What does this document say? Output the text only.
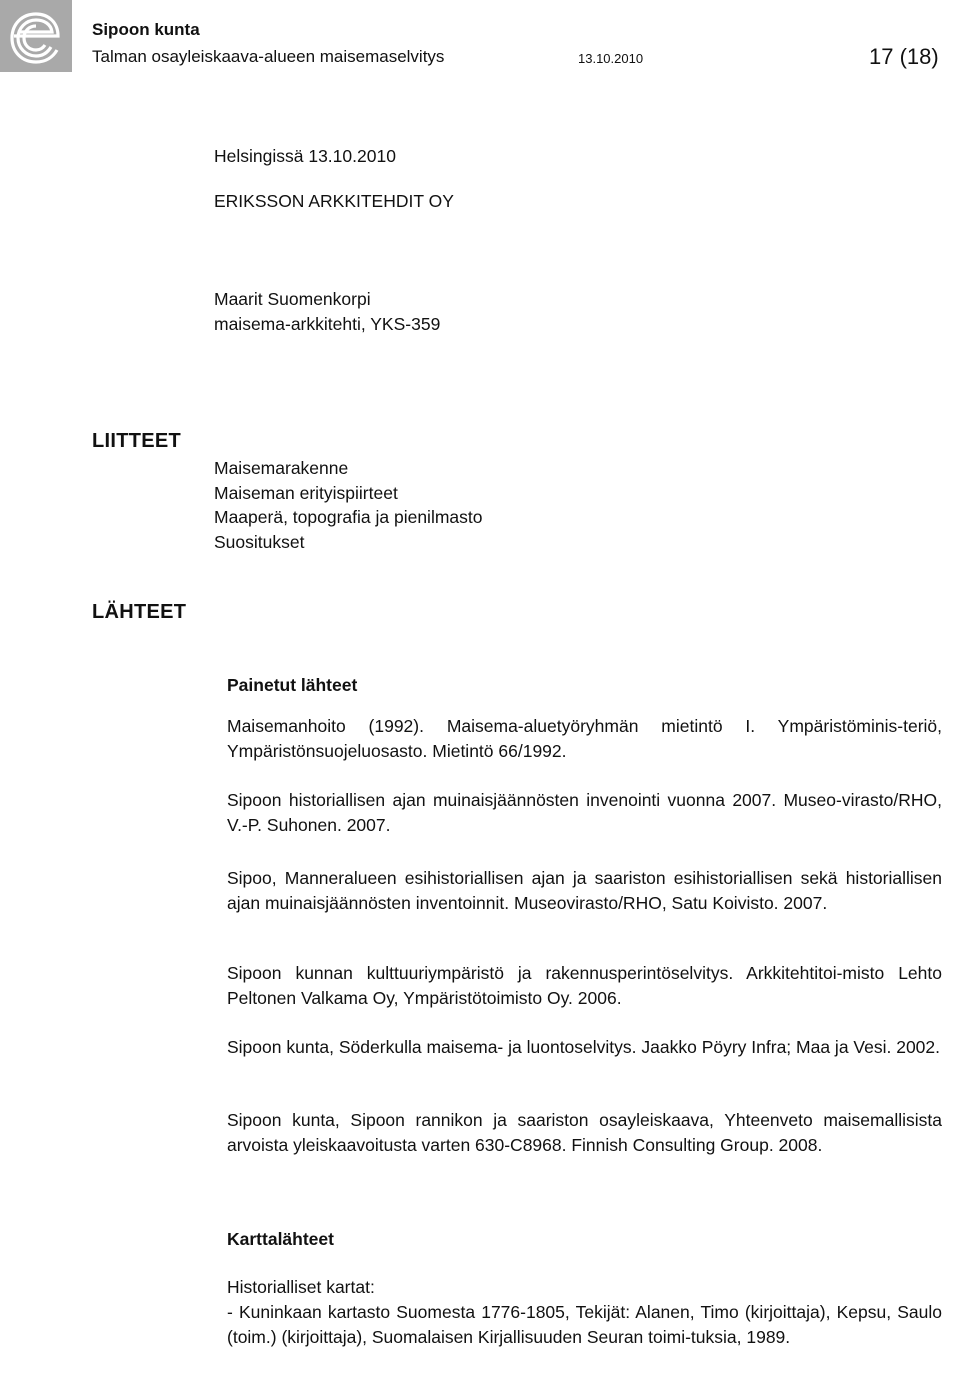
Sipoon kunta
Talman osayleiskaava-alueen maisemaselvitys	13.10.2010	17 (18)
Helsingissä 13.10.2010
ERIKSSON ARKKITEHDIT OY
Maarit Suomenkorpi
maisema-arkkitehti, YKS-359
LIITTEET
Maisemarakenne
Maiseman erityispiirteet
Maaperä, topografia ja pienilmasto
Suositukset
LÄHTEET
Painetut lähteet
Maisemanhoito (1992). Maisema-aluetyöryhmän mietintö I. Ympäristöminis-teriö, Ympäristönsuojeluosasto. Mietintö 66/1992.
Sipoon historiallisen ajan muinaisjäännösten invenointi vuonna 2007. Museo-virasto/RHO, V.-P. Suhonen. 2007.
Sipoo, Manneralueen esihistoriallisen ajan ja saariston esihistoriallisen sekä historiallisen ajan muinaisjäännösten inventoinnit. Museovirasto/RHO, Satu Koivisto. 2007.
Sipoon kunnan kulttuuriympäristö ja rakennusperintöselvitys. Arkkitehtitoi-misto Lehto Peltonen Valkama Oy, Ympäristötoimisto Oy. 2006.
Sipoon kunta, Söderkulla maisema- ja luontoselvitys. Jaakko Pöyry Infra; Maa ja Vesi. 2002.
Sipoon kunta, Sipoon rannikon ja saariston osayleiskaava, Yhteenveto maisemallisista arvoista yleiskaavoitusta varten 630-C8968. Finnish Consulting Group. 2008.
Karttalähteet
Historialliset kartat:
- Kuninkaan kartasto Suomesta 1776-1805, Tekijät: Alanen, Timo (kirjoittaja), Kepsu, Saulo (toim.) (kirjoittaja), Suomalaisen Kirjallisuuden Seuran toimi-tuksia, 1989.
